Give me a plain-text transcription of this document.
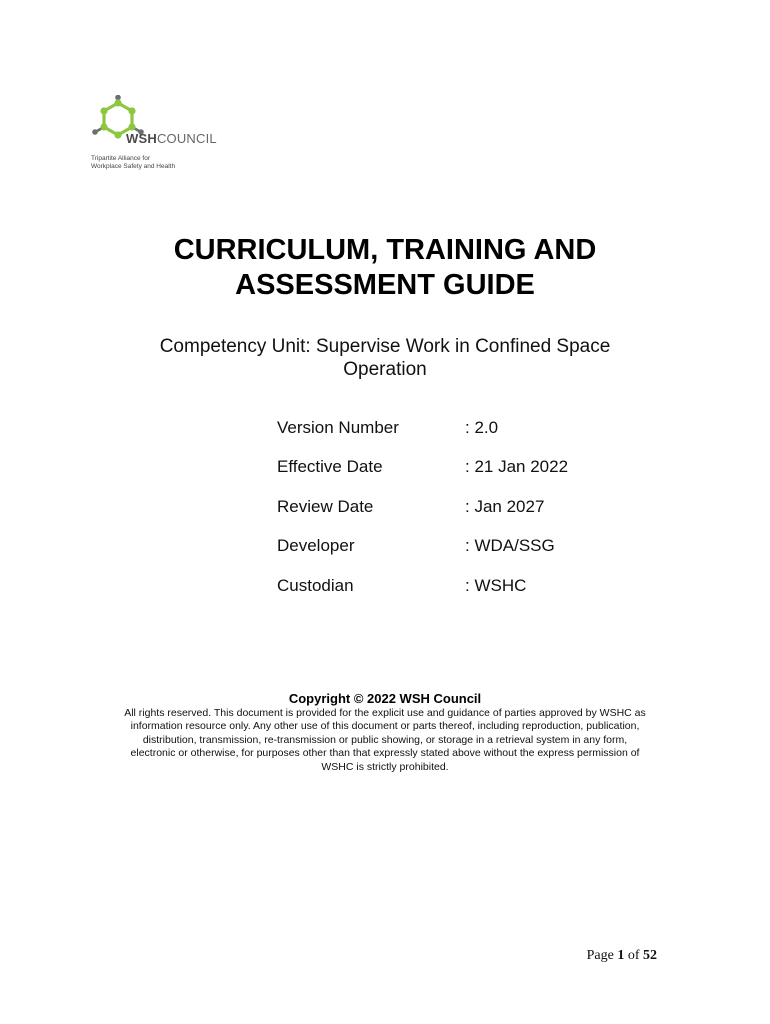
WSHCOUNCIL
Tripartite Alliance for
Workplace Safety and Health
CURRICULUM, TRAINING AND
ASSESSMENT GUIDE
Competency Unit: Supervise Work in Confined Space
Operation
Version Number	: 2.0
Effective Date	: 21 Jan 2022
Review Date	: Jan 2027
Developer	: WDA/SSG
Custodian	: WSHC
Copyright © 2022 WSH Council
All rights reserved. This document is provided for the explicit use and guidance of parties approved by WSHC as
information resource only. Any other use of this document or parts thereof, including reproduction, publication,
distribution, transmission, re-transmission or public showing, or storage in a retrieval system in any form,
electronic or otherwise, for purposes other than that expressly stated above without the express permission of
WSHC is strictly prohibited.
Page 1 of 52
